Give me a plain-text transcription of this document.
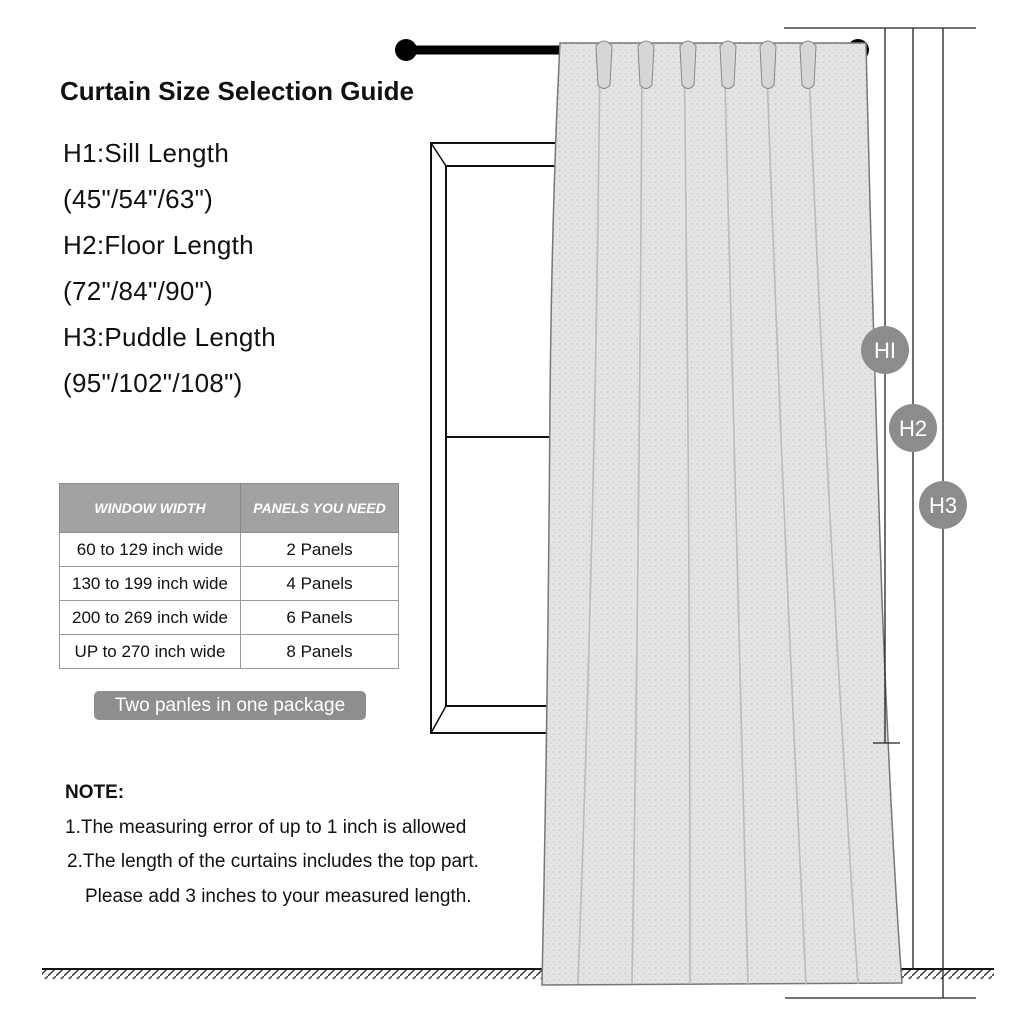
Curtain Size Selection Guide
H1:Sill Length
(45"/54"/63")
H2:Floor Length
(72"/84"/90")
H3:Puddle Length
(95"/102"/108")
WINDOW WIDTH	PANELS YOU NEED
60 to 129 inch wide	2 Panels
130 to 199 inch wide	4 Panels
200 to 269 inch wide	6 Panels
UP to 270 inch wide	8 Panels
Two panles in one package
NOTE:
1.The measuring error of up to 1 inch is allowed
2.The length of the curtains includes the top part.
Please add 3 inches to your measured length.
HI
H2
H3
